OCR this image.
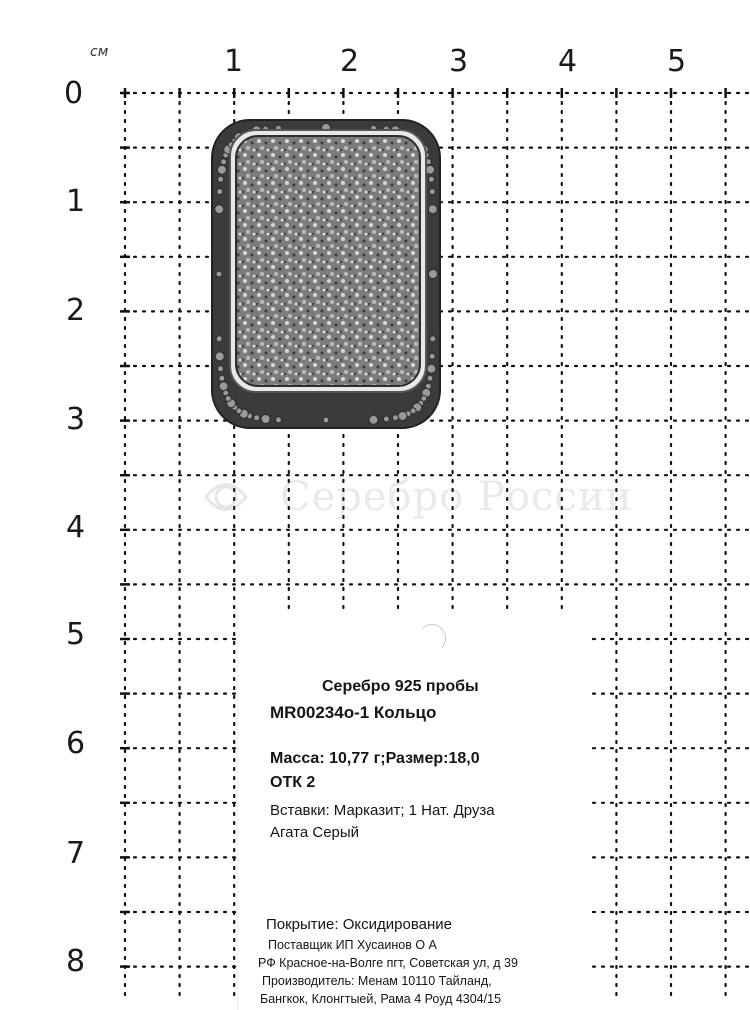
см	1	2	3	4	5
0
1
2
3
4
5
6
7
8
Серебро России
Серебро 925 пробы
MR00234о-1 Кольцо
Масса: 10,77 г;Размер:18,0
ОТК 2
Вставки: Марказит; 1 Нат. Друза
Агата Серый
Покрытие: Оксидирование
Поставщик ИП Хусаинов О А
РФ Красное-на-Волге пгт, Советская ул, д 39
Производитель: Менам 10110 Тайланд,
Бангкок, Клонгтыей, Рама 4 Роуд 4304/15
